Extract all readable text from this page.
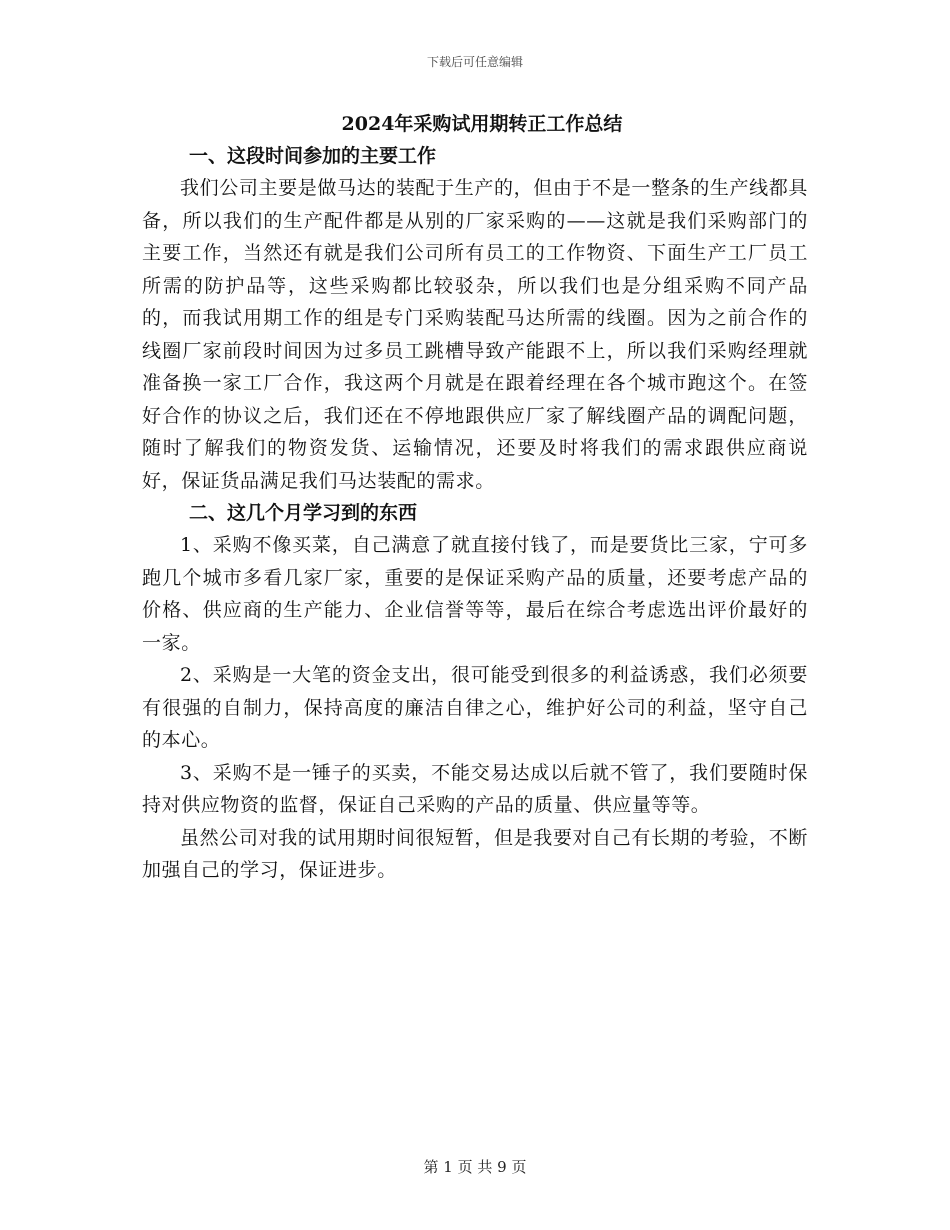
下载后可任意编辑
2024年采购试用期转正工作总结
一、这段时间参加的主要工作

我们公司主要是做马达的装配于生产的，但由于不是一整条的生产线都具备，所以我们的生产配件都是从别的厂家采购的——这就是我们采购部门的主要工作，当然还有就是我们公司所有员工的工作物资、下面生产工厂员工所需的防护品等，这些采购都比较驳杂，所以我们也是分组采购不同产品的，而我试用期工作的组是专门采购装配马达所需的线圈。因为之前合作的线圈厂家前段时间因为过多员工跳槽导致产能跟不上，所以我们采购经理就准备换一家工厂合作，我这两个月就是在跟着经理在各个城市跑这个。在签好合作的协议之后，我们还在不停地跟供应厂家了解线圈产品的调配问题，随时了解我们的物资发货、运输情况，还要及时将我们的需求跟供应商说好，保证货品满足我们马达装配的需求。

二、这几个月学习到的东西

1、采购不像买菜，自己满意了就直接付钱了，而是要货比三家，宁可多跑几个城市多看几家厂家，重要的是保证采购产品的质量，还要考虑产品的价格、供应商的生产能力、企业信誉等等，最后在综合考虑选出评价最好的一家。

2、采购是一大笔的资金支出，很可能受到很多的利益诱惑，我们必须要有很强的自制力，保持高度的廉洁自律之心，维护好公司的利益，坚守自己的本心。

3、采购不是一锤子的买卖，不能交易达成以后就不管了，我们要随时保持对供应物资的监督，保证自己采购的产品的质量、供应量等等。

虽然公司对我的试用期时间很短暂，但是我要对自己有长期的考验，不断加强自己的学习，保证进步。

第 1 页 共 9 页
